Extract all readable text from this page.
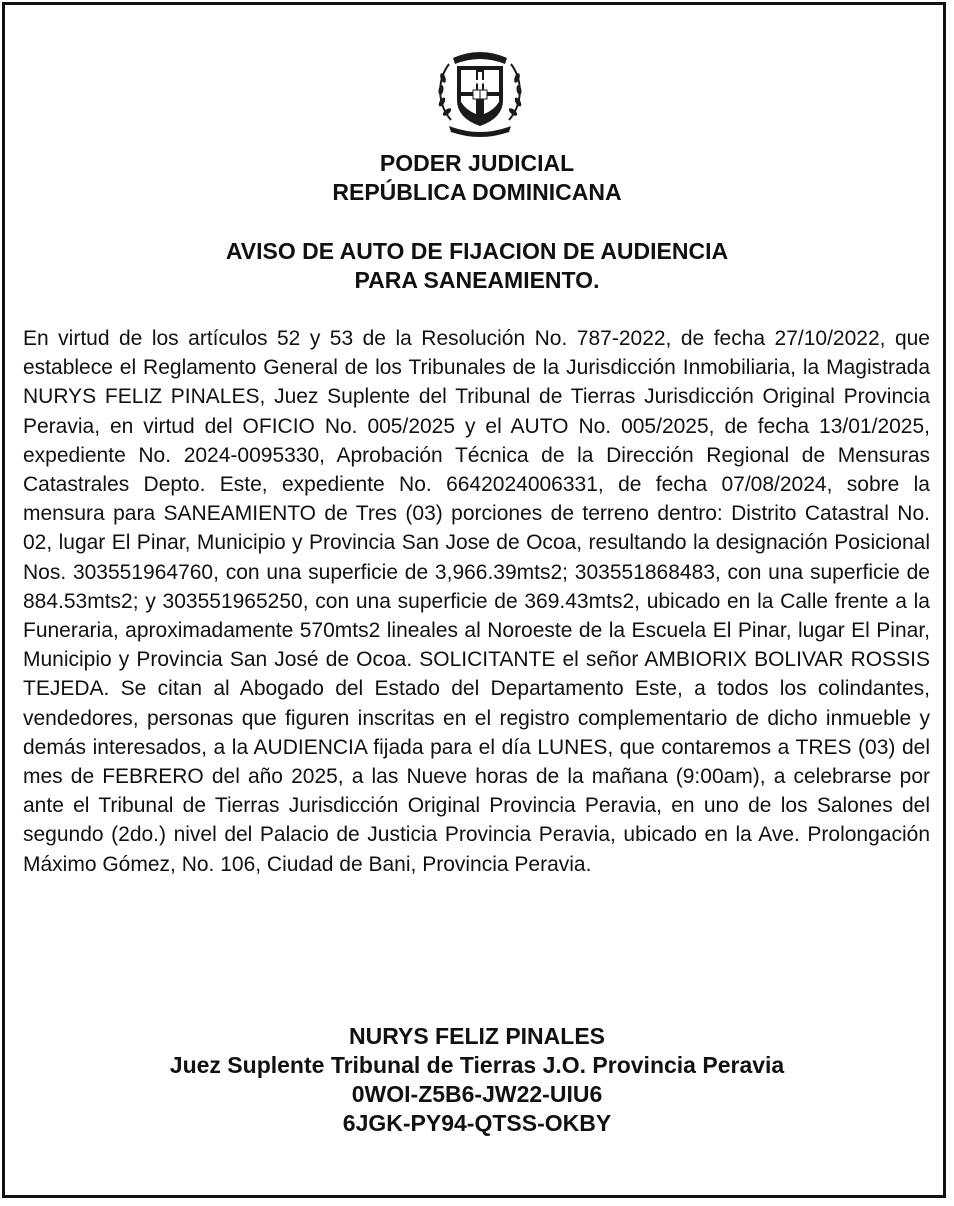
PODER JUDICIAL
REPÚBLICA DOMINICANA
AVISO DE AUTO DE FIJACION DE AUDIENCIA
PARA SANEAMIENTO.

En virtud de los artículos 52 y 53 de la Resolución No. 787-2022, de fecha 27/10/2022, que establece el Reglamento General de los Tribunales de la Jurisdicción Inmobiliaria, la Magistrada NURYS FELIZ PINALES, Juez Suplente del Tribunal de Tierras Jurisdicción Original Provincia Peravia, en virtud del OFICIO No. 005/2025 y el AUTO No. 005/2025, de fecha 13/01/2025, expediente No. 2024-0095330, Aprobación Técnica de la Dirección Regional de Mensuras Catastrales Depto. Este, expediente No. 6642024006331, de fecha 07/08/2024, sobre la mensura para SANEAMIENTO de Tres (03) porciones de terreno dentro: Distrito Catastral No. 02, lugar El Pinar, Municipio y Provincia San Jose de Ocoa, resultando la designación Posicional Nos. 303551964760, con una superficie de 3,966.39mts2; 303551868483, con una superficie de 884.53mts2; y 303551965250, con una superficie de 369.43mts2, ubicado en la Calle frente a la Funeraria, aproximadamente 570mts2 lineales al Noroeste de la Escuela El Pinar, lugar El Pinar, Municipio y Provincia San José de Ocoa. SOLICITANTE el señor AMBIORIX BOLIVAR ROSSIS TEJEDA. Se citan al Abogado del Estado del Departamento Este, a todos los colindantes, vendedores, personas que figuren inscritas en el registro complementario de dicho inmueble y demás interesados, a la AUDIENCIA fijada para el día LUNES, que contaremos a TRES (03) del mes de FEBRERO del año 2025, a las Nueve horas de la mañana (9:00am), a celebrarse por ante el Tribunal de Tierras Jurisdicción Original Provincia Peravia, en uno de los Salones del segundo (2do.) nivel del Palacio de Justicia Provincia Peravia, ubicado en la Ave. Prolongación Máximo Gómez, No. 106, Ciudad de Bani, Provincia Peravia.

NURYS FELIZ PINALES
Juez Suplente Tribunal de Tierras J.O. Provincia Peravia
0WOI-Z5B6-JW22-UIU6
6JGK-PY94-QTSS-OKBY
